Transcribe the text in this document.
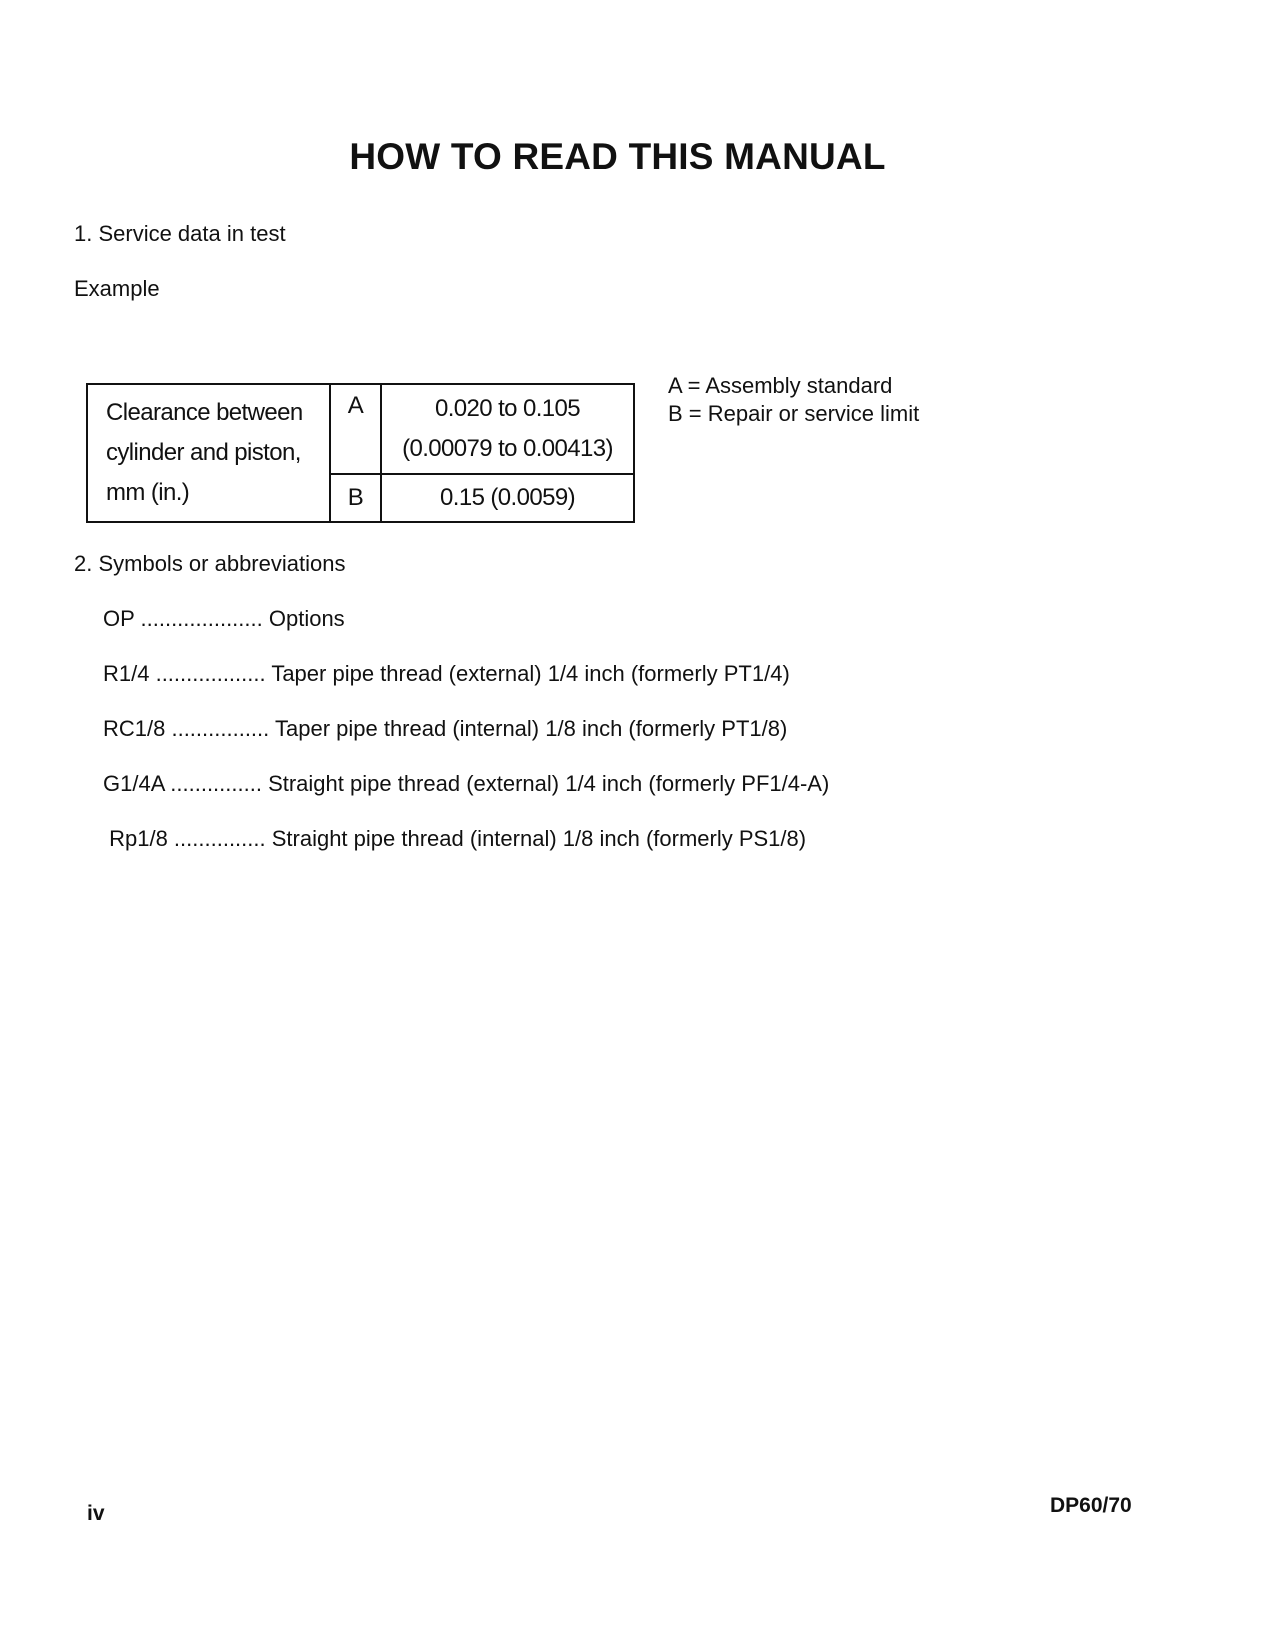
HOW TO READ THIS MANUAL
1. Service data in test
Example
Clearance between
cylinder and piston,
mm (in.)	A	0.020 to 0.105
(0.00079 to 0.00413)

	B	0.15 (0.0059)
A = Assembly standard
B = Repair or service limit
2. Symbols or abbreviations
OP .................... Options
R1/4 .................. Taper pipe thread (external) 1/4 inch (formerly PT1/4)
RC1/8 ................ Taper pipe thread (internal) 1/8 inch (formerly PT1/8)
G1/4A ............... Straight pipe thread (external) 1/4 inch (formerly PF1/4-A)
Rp1/8 ............... Straight pipe thread (internal) 1/8 inch (formerly PS1/8)
iv	DP60/70
